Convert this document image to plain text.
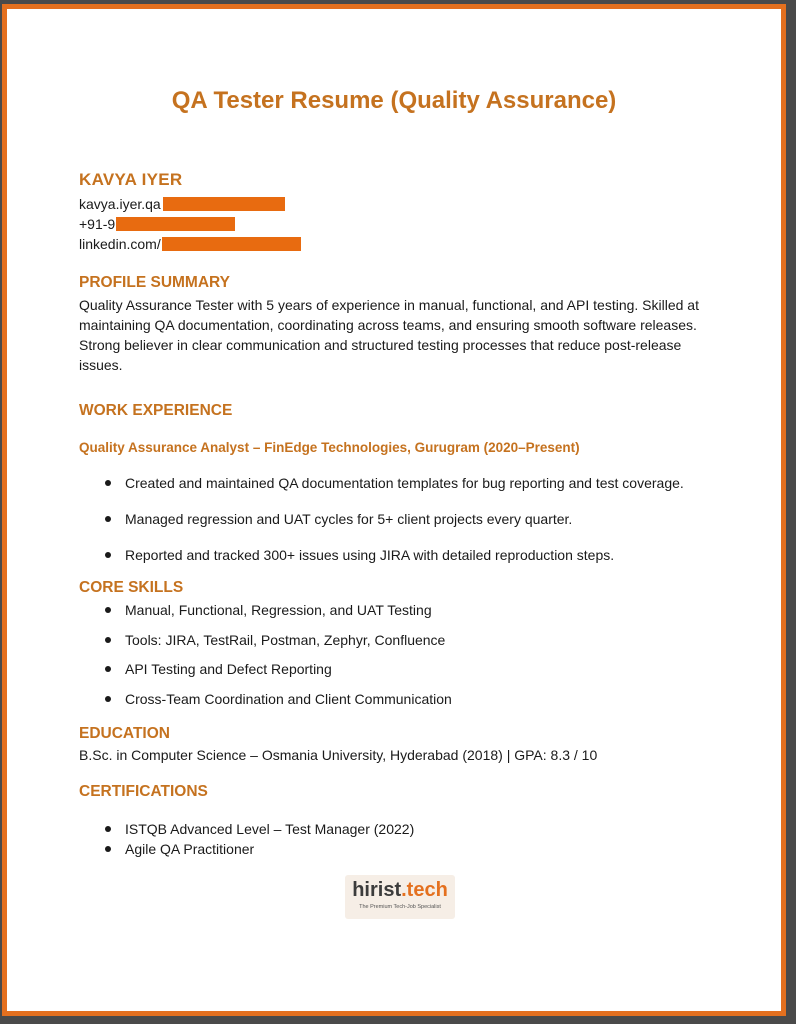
QA Tester Resume (Quality Assurance)
KAVYA IYER
kavya.iyer.qa
+91-9
linkedin.com/
PROFILE SUMMARY
Quality Assurance Tester with 5 years of experience in manual, functional, and API testing. Skilled at maintaining QA documentation, coordinating across teams, and ensuring smooth software releases. Strong believer in clear communication and structured testing processes that reduce post-release issues.
WORK EXPERIENCE
Quality Assurance Analyst – FinEdge Technologies, Gurugram (2020–Present)
Created and maintained QA documentation templates for bug reporting and test coverage.
Managed regression and UAT cycles for 5+ client projects every quarter.
Reported and tracked 300+ issues using JIRA with detailed reproduction steps.
CORE SKILLS
Manual, Functional, Regression, and UAT Testing
Tools: JIRA, TestRail, Postman, Zephyr, Confluence
API Testing and Defect Reporting
Cross-Team Coordination and Client Communication
EDUCATION
B.Sc. in Computer Science – Osmania University, Hyderabad (2018) | GPA: 8.3 / 10
CERTIFICATIONS
ISTQB Advanced Level – Test Manager (2022)
Agile QA Practitioner
hirist.tech
The Premium Tech-Job Specialist
